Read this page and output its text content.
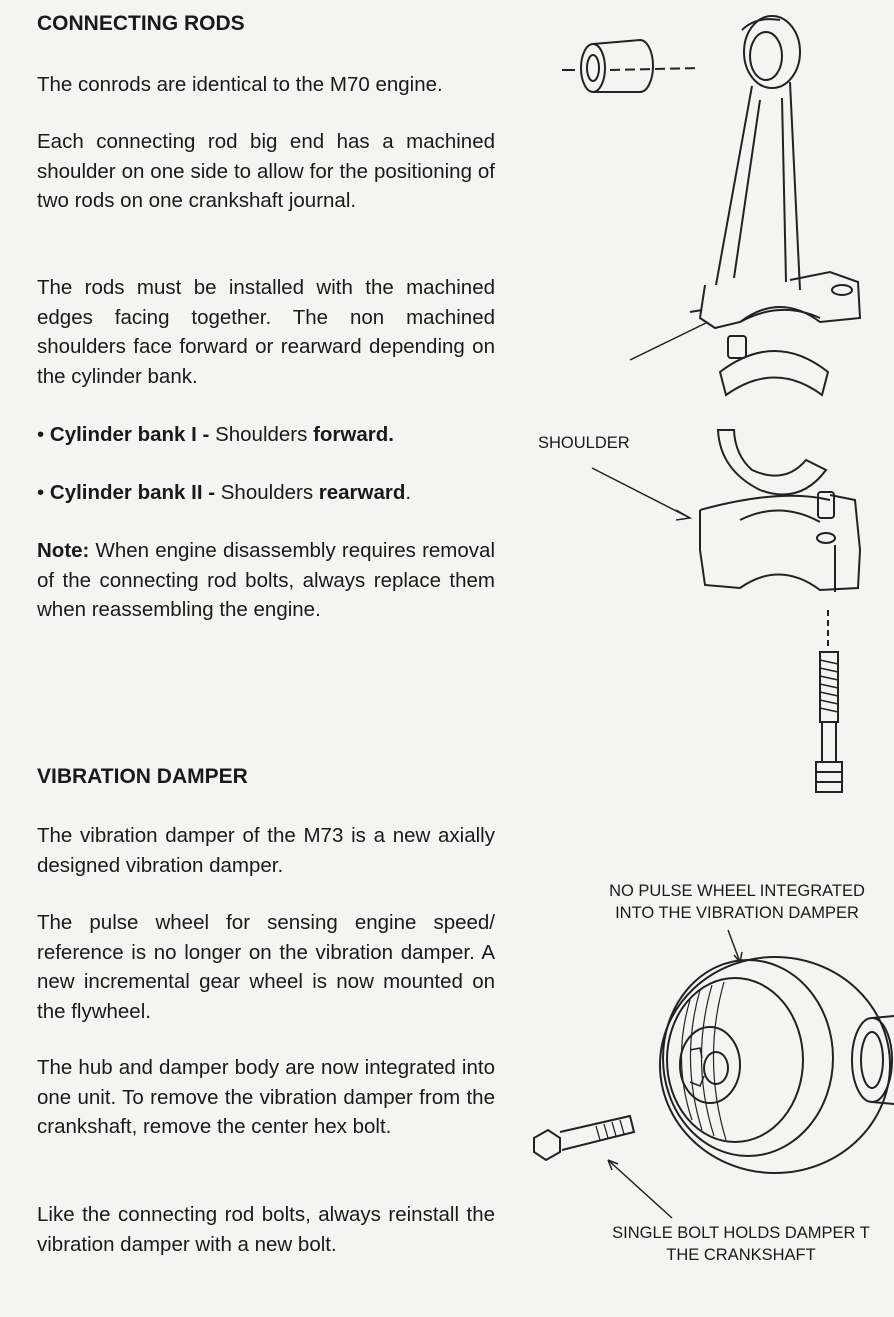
CONNECTING RODS

The conrods are identical to the M70 engine.

Each connecting rod big end has a machined shoulder on one side to allow for the positioning of two rods on one crankshaft journal.

The rods must be installed with the machined edges facing together. The non machined shoulders face forward or rearward depending on the cylinder bank.

• Cylinder bank I - Shoulders forward.

• Cylinder bank II - Shoulders rearward.

Note: When engine disassembly requires removal of the connecting rod bolts, always replace them when reassembling the engine.

VIBRATION DAMPER

The vibration damper of the M73 is a new axially designed vibration damper.

The pulse wheel for sensing engine speed/ reference is no longer on the vibration damper. A new incremental gear wheel is now mounted on the flywheel.

The hub and damper body are now integrated into one unit. To remove the vibration damper from the crankshaft, remove the center hex bolt.

Like the connecting rod bolts, always reinstall the vibration damper with a new bolt.

SHOULDER
NO PULSE WHEEL INTEGRATED
INTO THE VIBRATION DAMPER
SINGLE BOLT HOLDS DAMPER T
THE CRANKSHAFT
